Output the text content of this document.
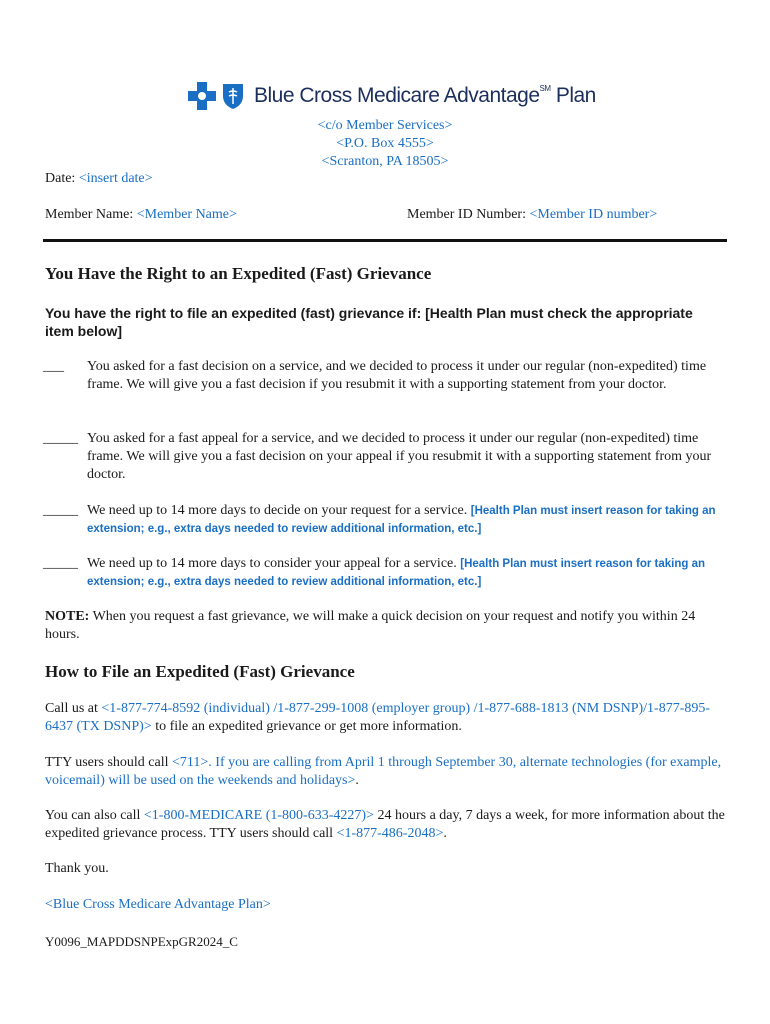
Blue Cross Medicare Advantage℠ Plan
<c/o Member Services>
<P.O. Box 4555>
<Scranton, PA 18505>
Date: <insert date>
Member Name: <Member Name>	Member ID Number: <Member ID number>
You Have the Right to an Expedited (Fast) Grievance
You have the right to file an expedited (fast) grievance if: [Health Plan must check the appropriate item below]
___	You asked for a fast decision on a service, and we decided to process it under our regular (non-expedited) time frame. We will give you a fast decision if you resubmit it with a supporting statement from your doctor.
_____ You asked for a fast appeal for a service, and we decided to process it under our regular (non-expedited) time frame. We will give you a fast decision on your appeal if you resubmit it with a supporting statement from your doctor.
_____ We need up to 14 more days to decide on your request for a service. [Health Plan must insert reason for taking an extension; e.g., extra days needed to review additional information, etc.]
_____ We need up to 14 more days to consider your appeal for a service. [Health Plan must insert reason for taking an extension; e.g., extra days needed to review additional information, etc.]
NOTE: When you request a fast grievance, we will make a quick decision on your request and notify you within 24 hours.
How to File an Expedited (Fast) Grievance
Call us at <1-877-774-8592 (individual) /1-877-299-1008 (employer group) /1-877-688-1813 (NM DSNP)/1-877-895-6437 (TX DSNP)> to file an expedited grievance or get more information.
TTY users should call <711>. If you are calling from April 1 through September 30, alternate technologies (for example, voicemail) will be used on the weekends and holidays>.
You can also call <1-800-MEDICARE (1-800-633-4227)> 24 hours a day, 7 days a week, for more information about the expedited grievance process. TTY users should call <1-877-486-2048>.
Thank you.
<Blue Cross Medicare Advantage Plan>
Y0096_MAPDDSNPExpGR2024_C
